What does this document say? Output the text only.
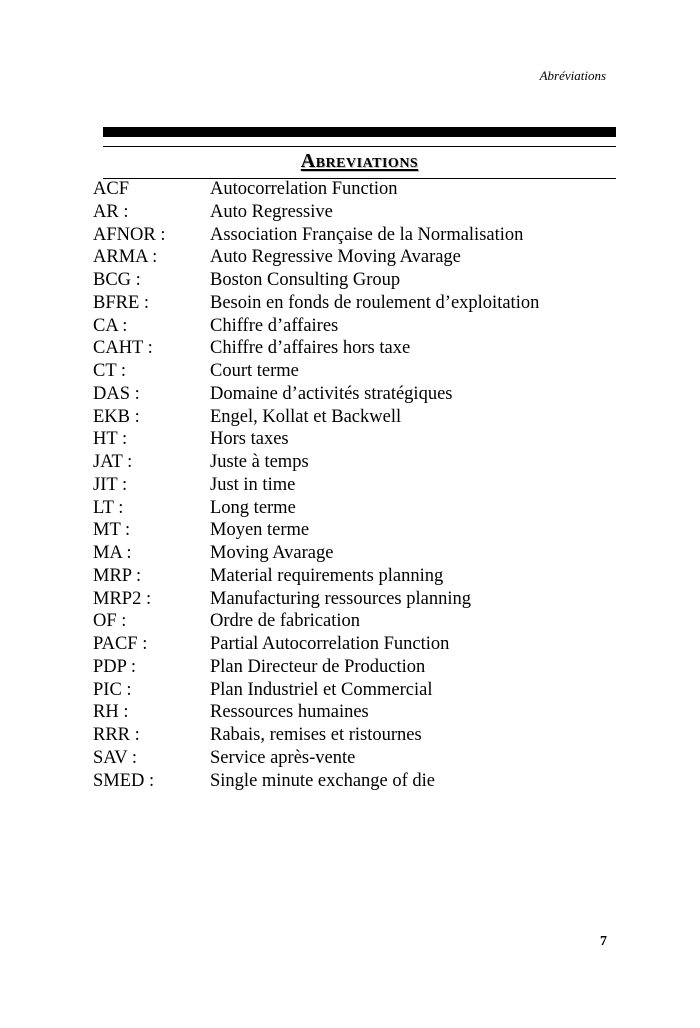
Abréviations
Abreviations
ACF	Autocorrelation Function
AR :	Auto Regressive
AFNOR :	Association Française de la Normalisation
ARMA :	Auto Regressive Moving Avarage
BCG :	Boston Consulting Group
BFRE :	Besoin en fonds de roulement d’exploitation
CA :	Chiffre d’affaires
CAHT :	Chiffre d’affaires hors taxe
CT :	Court terme
DAS :	Domaine d’activités stratégiques
EKB :	Engel, Kollat et Backwell
HT :	Hors taxes
JAT :	Juste à temps
JIT :	Just in time
LT :	Long terme
MT :	Moyen terme
MA :	Moving Avarage
MRP :	Material requirements planning
MRP2 :	Manufacturing ressources planning
OF :	Ordre de fabrication
PACF :	Partial Autocorrelation Function
PDP :	Plan Directeur de Production
PIC :	Plan Industriel et Commercial
RH :	Ressources humaines
RRR :	Rabais, remises et ristournes
SAV :	Service après-vente
SMED :	Single minute exchange of die
7
